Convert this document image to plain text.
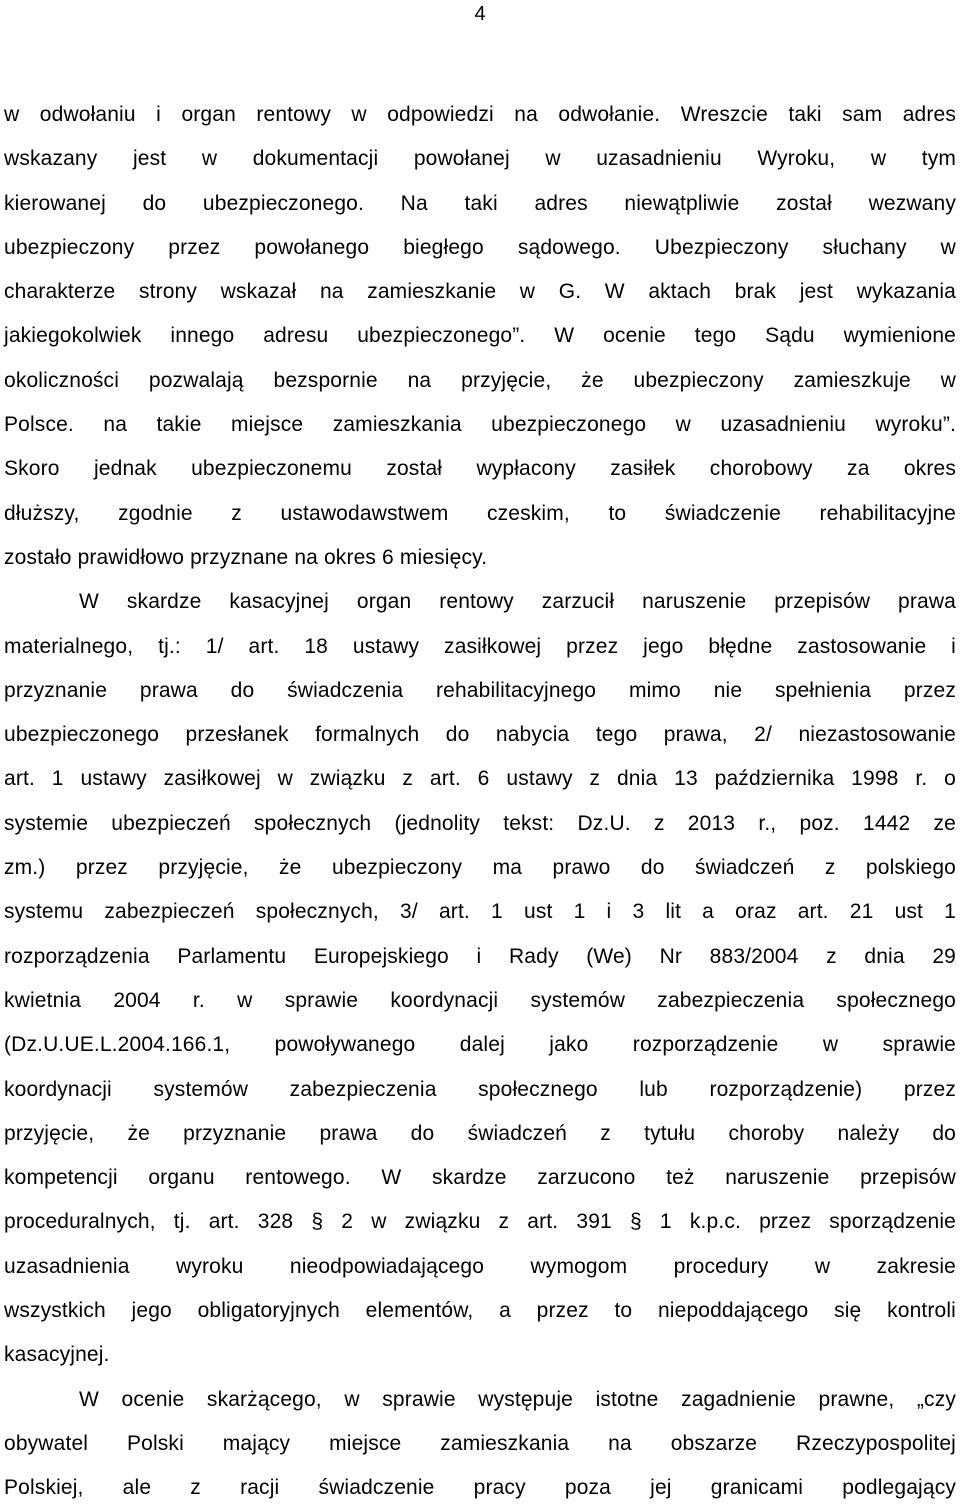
4

w odwołaniu i organ rentowy w odpowiedzi na odwołanie. Wreszcie taki sam adres

wskazany jest w dokumentacji powołanej w uzasadnieniu Wyroku, w tym

kierowanej do ubezpieczonego. Na taki adres niewątpliwie został wezwany

ubezpieczony przez powołanego biegłego sądowego. Ubezpieczony słuchany w

charakterze strony wskazał na zamieszkanie w G. W aktach brak jest wykazania

jakiegokolwiek innego adresu ubezpieczonego”. W ocenie tego Sądu wymienione

okoliczności pozwalają bezspornie na przyjęcie, że ubezpieczony zamieszkuje w

Polsce. na takie miejsce zamieszkania ubezpieczonego w uzasadnieniu wyroku”.

Skoro jednak ubezpieczonemu został wypłacony zasiłek chorobowy za okres

dłuższy, zgodnie z ustawodawstwem czeskim, to świadczenie rehabilitacyjne

zostało prawidłowo przyznane na okres 6 miesięcy.

W skardze kasacyjnej organ rentowy zarzucił naruszenie przepisów prawa

materialnego, tj.: 1/ art. 18 ustawy zasiłkowej przez jego błędne zastosowanie i

przyznanie prawa do świadczenia rehabilitacyjnego mimo nie spełnienia przez

ubezpieczonego przesłanek formalnych do nabycia tego prawa, 2/ niezastosowanie

art. 1 ustawy zasiłkowej w związku z art. 6 ustawy z dnia 13 października 1998 r. o

systemie ubezpieczeń społecznych (jednolity tekst: Dz.U. z 2013 r., poz. 1442 ze

zm.) przez przyjęcie, że ubezpieczony ma prawo do świadczeń z polskiego

systemu zabezpieczeń społecznych, 3/ art. 1 ust 1 i 3 lit a oraz art. 21 ust 1

rozporządzenia Parlamentu Europejskiego i Rady (We) Nr 883/2004 z dnia 29

kwietnia 2004 r. w sprawie koordynacji systemów zabezpieczenia społecznego

(Dz.U.UE.L.2004.166.1, powoływanego dalej jako rozporządzenie w sprawie

koordynacji systemów zabezpieczenia społecznego lub rozporządzenie) przez

przyjęcie, że przyznanie prawa do świadczeń z tytułu choroby należy do

kompetencji organu rentowego. W skardze zarzucono też naruszenie przepisów

proceduralnych, tj. art. 328 § 2 w związku z art. 391 § 1 k.p.c. przez sporządzenie

uzasadnienia wyroku nieodpowiadającego wymogom procedury w zakresie

wszystkich jego obligatoryjnych elementów, a przez to niepoddającego się kontroli

kasacyjnej.

W ocenie skarżącego, w sprawie występuje istotne zagadnienie prawne, „czy

obywatel Polski mający miejsce zamieszkania na obszarze Rzeczypospolitej

Polskiej, ale z racji świadczenie pracy poza jej granicami podlegający
